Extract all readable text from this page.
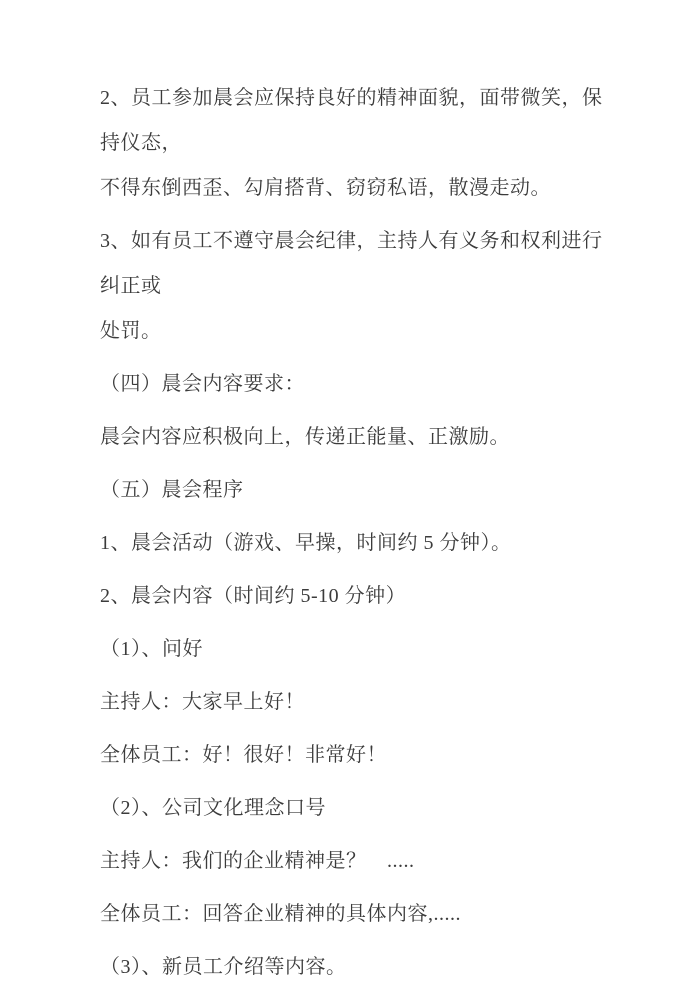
2、员工参加晨会应保持良好的精神面貌，面带微笑，保持仪态，
不得东倒西歪、勾肩搭背、窃窃私语，散漫走动。
3、如有员工不遵守晨会纪律，主持人有义务和权利进行纠正或
处罚。
（四）晨会内容要求：
晨会内容应积极向上，传递正能量、正激励。
（五）晨会程序
1、晨会活动（游戏、早操，时间约 5 分钟）。
2、晨会内容（时间约 5-10 分钟）
（1）、问好
主持人：大家早上好！
全体员工：好！很好！非常好！
（2）、公司文化理念口号
主持人：我们的企业精神是？　.....
全体员工：回答企业精神的具体内容,.....
（3）、新员工介绍等内容。
